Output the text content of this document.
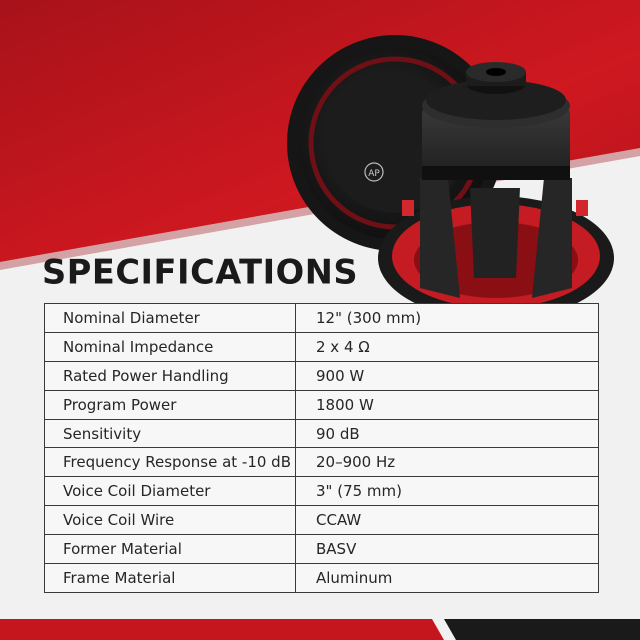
AP
SPECIFICATIONS
Nominal Diameter	12" (300 mm)
Nominal Impedance	2 x 4 Ω
Rated Power Handling	900 W
Program Power	1800 W
Sensitivity	90 dB
Frequency Response at -10 dB	20–900 Hz
Voice Coil Diameter	3" (75 mm)
Voice Coil Wire	CCAW
Former Material	BASV
Frame Material	Aluminum
